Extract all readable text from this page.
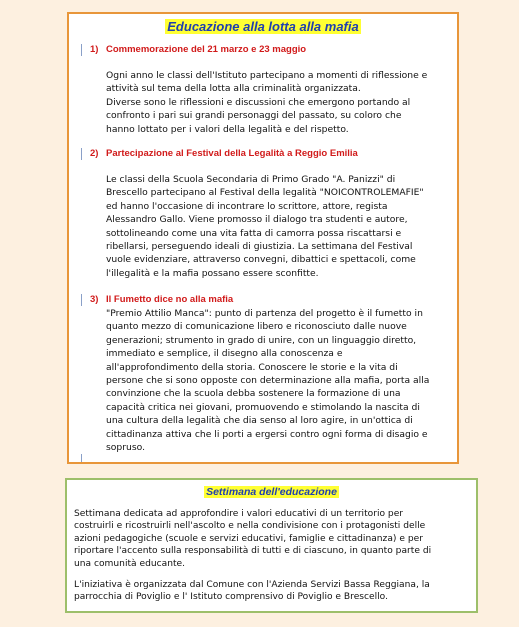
Educazione alla lotta alla mafia
1) Commemorazione del 21 marzo e 23 maggio
Ogni anno le classi dell'Istituto partecipano a momenti di riflessione e
attività sul tema della lotta alla criminalità organizzata.
Diverse sono le riflessioni e discussioni che emergono portando al
confronto i pari sui grandi personaggi del passato, su coloro che
hanno lottato per i valori della legalità e del rispetto.
2) Partecipazione al Festival della Legalità a Reggio Emilia
Le classi della Scuola Secondaria di Primo Grado "A. Panizzi" di
Brescello partecipano al Festival della legalità "NOICONTROLEMAFIE"
ed hanno l'occasione di incontrare lo scrittore, attore, regista
Alessandro Gallo. Viene promosso il dialogo tra studenti e autore,
sottolineando come una vita fatta di camorra possa riscattarsi e
ribellarsi, perseguendo ideali di giustizia. La settimana del Festival
vuole evidenziare, attraverso convegni, dibattici e spettacoli, come
l'illegalità e la mafia possano essere sconfitte.
3) Il Fumetto dice no alla mafia
"Premio Attilio Manca": punto di partenza del progetto è il fumetto in
quanto mezzo di comunicazione libero e riconosciuto dalle nuove
generazioni; strumento in grado di unire, con un linguaggio diretto,
immediato e semplice, il disegno alla conoscenza e
all'approfondimento della storia. Conoscere le storie e la vita di
persone che si sono opposte con determinazione alla mafia, porta alla
convinzione che la scuola debba sostenere la formazione di una
capacità critica nei giovani, promuovendo e stimolando la nascita di
una cultura della legalità che dia senso al loro agire, in un'ottica di
cittadinanza attiva che li porti a ergersi contro ogni forma di disagio e
sopruso.
Settimana dell'educazione
Settimana dedicata ad approfondire i valori educativi di un territorio per
costruirli e ricostruirli nell'ascolto e nella condivisione con i protagonisti delle
azioni pedagogiche (scuole e servizi educativi, famiglie e cittadinanza) e per
riportare l'accento sulla responsabilità di tutti e di ciascuno, in quanto parte di
una comunità educante.
L'iniziativa è organizzata dal Comune con l'Azienda Servizi Bassa Reggiana, la
parrocchia di Poviglio e l' Istituto comprensivo di Poviglio e Brescello.
